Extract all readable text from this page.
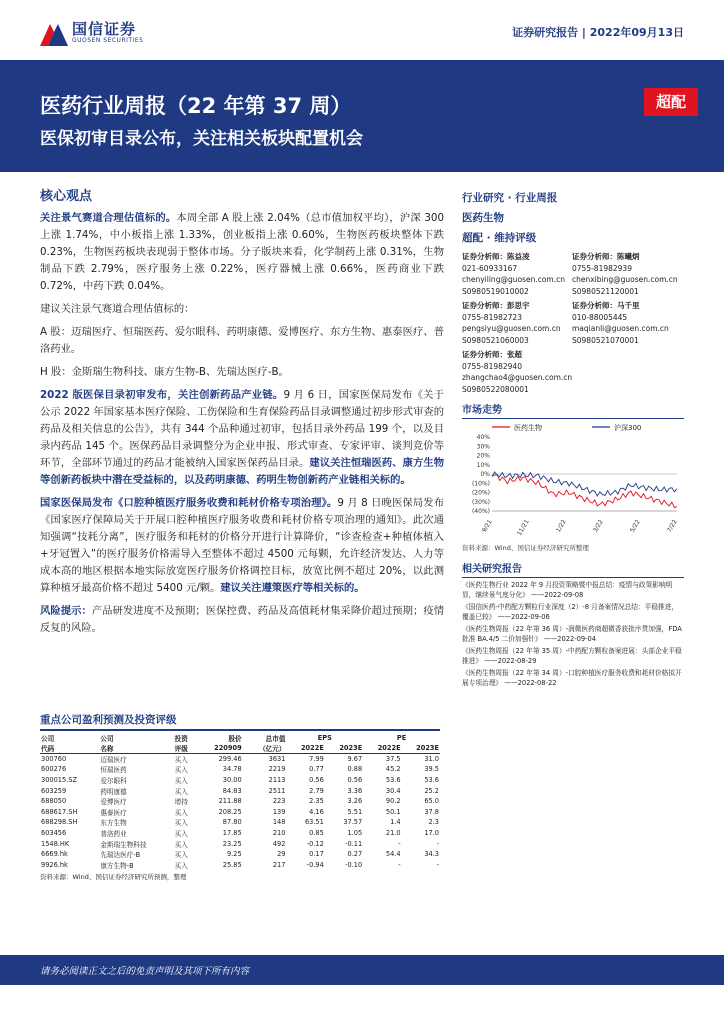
国信证券
GUOSEN SECURITIES
证券研究报告 | 2022年09月13日
医药行业周报（22 年第 37 周）
医保初审目录公布，关注相关板块配置机会
超配
核心观点

关注景气赛道合理估值标的。本周全部 A 股上涨 2.04%（总市值加权平均），沪深 300 上涨 1.74%，中小板指上涨 1.33%，创业板指上涨 0.60%，生物医药板块整体下跌 0.23%，生物医药板块表现弱于整体市场。分子版块来看，化学制药上涨 0.31%，生物制品下跌 2.79%，医疗服务上涨 0.22%，医疗器械上涨 0.66%，医药商业下跌 0.72%，中药下跌 0.04%。

建议关注景气赛道合理估值标的：

A 股：迈瑞医疗、恒瑞医药、爱尔眼科、药明康德、爱博医疗、东方生物、惠泰医疗、普洛药业。

H 股：金斯瑞生物科技、康方生物-B、先瑞达医疗-B。

2022 版医保目录初审发布，关注创新药品产业链。9 月 6 日，国家医保局发布《关于公示 2022 年国家基本医疗保险、工伤保险和生育保险药品目录调整通过初步形式审查的药品及相关信息的公告》，共有 344 个品种通过初审，包括目录外药品 199 个，以及目录内药品 145 个。医保药品目录调整分为企业申报、形式审查、专家评审、谈判竞价等环节，全部环节通过的药品才能被纳入国家医保药品目录。建议关注恒瑞医药、康方生物等创新药板块中潜在受益标的，以及药明康德、药明生物创新药产业链相关标的。

国家医保局发布《口腔种植医疗服务收费和耗材价格专项治理》。9 月 8 日晚医保局发布《国家医疗保障局关于开展口腔种植医疗服务收费和耗材价格专项治理的通知》。此次通知强调“技耗分离”，医疗服务和耗材的价格分开进行计算降价，“诊查检查+种植体植入+牙冠置入”的医疗服务价格需导入至整体不超过 4500 元每颗，允许经济发达、人力等成本高的地区根据本地实际放宽医疗服务价格调控目标，放宽比例不超过 20%，以此测算种植牙最高价格不超过 5400 元/颗。建议关注遵策医疗等相关标的。

风险提示：产品研发进度不及预期；医保控费、药品及高值耗材集采降价超过预期；疫情反复的风险。

行业研究 · 行业周报
医药生物
超配 · 维持评级
证券分析师：陈益凌
021-60933167
chenyiling@guosen.com.cn
S0980519010002
证券分析师：陈曦炳
0755-81982939
chenxibing@guosen.com.cn
S0980521120001
证券分析师：彭思宇
0755-81982723
pengsiyu@guosen.com.cn
S0980521060003
证券分析师：马千里
010-88005445
maqianli@guosen.com.cn
S0980521070001
证券分析师：张超
0755-81982940
zhangchao4@guosen.com.cn
S0980522080001
市场走势
医药生物	沪深300
40%
30%
20%
10%
0%
(10%)
(20%)
(30%)
(40%)
9/21	11/21	1/22	3/22	5/22	7/22
资料来源：Wind、国信证券经济研究所整理
相关研究报告
《医药生物行业 2022 年 9 月投资策略暨中报总结：疫情与政策影响明显，继续景气度分化》 ——2022-09-08
《国信医药-中药配方颗粒行业深度（2）-8 月备案情况总结：平稳推进，覆盖已较》 ——2022-09-06
《医药生物周报（22 年第 36 周）-润微医药商超微香获批序贯加强，FDA 批准 BA.4/5 二价加强针》 ——2022-09-04
《医药生物周报（22 年第 35 周）-中药配方颗粒备案进展：头部企业平稳推进》 ——2022-08-29
《医药生物周报（22 年第 34 周）-口腔种植医疗服务收费和耗材价格拟开展专项治理》 ——2022-08-22
重点公司盈利预测及投资评级
公司	公司	投资	股价	总市值	EPS		PE	
代码	名称	评级	220909	（亿元）	2022E	2023E	2022E	2023E
300760	迈瑞医疗	买入	299.46	3631	7.99	9.67	37.5	31.0
600276	恒瑞医药	买入	34.78	2219	0.77	0.88	45.2	39.5
300015.SZ	爱尔眼科	买入	30.00	2113	0.56	0.56	53.6	53.6
603259	药明康德	买入	84.83	2511	2.79	3.36	30.4	25.2
688050	爱博医疗	增持	211.88	223	2.35	3.26	90.2	65.0
688617.SH	惠泰医疗	买入	208.25	139	4.16	5.51	50.1	37.8
688298.SH	东方生物	买入	87.80	148	63.51	37.57	1.4	2.3
603456	普洛药业	买入	17.85	210	0.85	1.05	21.0	17.0
1548.HK	金斯瑞生物科技	买入	23.25	492	-0.12	-0.11	-	-
6669.hk	先瑞达医疗-B	买入	9.25	29	0.17	0.27	54.4	34.3
9926.hk	康方生物-B	买入	25.85	217	-0.94	-0.10	-	-
资料来源：Wind、国信证券经济研究所预测，整理
请务必阅读正文之后的免责声明及其项下所有内容
